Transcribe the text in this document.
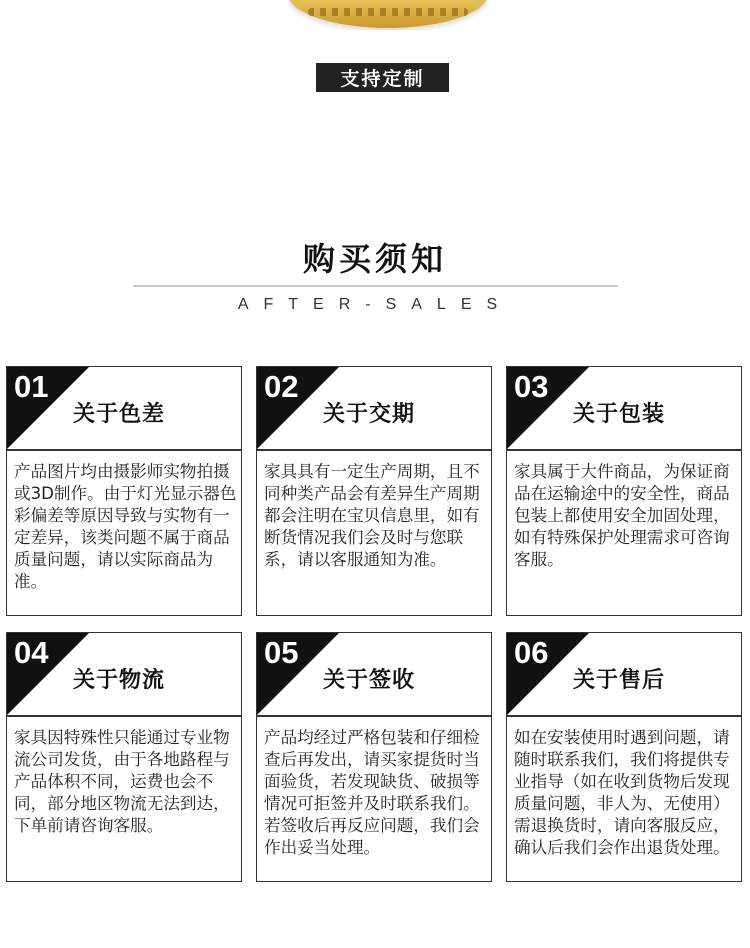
支持定制
购买须知
AFTER-SALES
01
关于色差
产品图片均由摄影师实物拍摄或3D制作。由于灯光显示器色彩偏差等原因导致与实物有一定差异，该类问题不属于商品质量问题，请以实际商品为准。
02
关于交期
家具具有一定生产周期，且不同种类产品会有差异生产周期都会注明在宝贝信息里，如有断货情况我们会及时与您联系，请以客服通知为准。
03
关于包装
家具属于大件商品，为保证商品在运输途中的安全性，商品包装上都使用安全加固处理，如有特殊保护处理需求可咨询客服。
04
关于物流
家具因特殊性只能通过专业物流公司发货，由于各地路程与产品体积不同，运费也会不同，部分地区物流无法到达，下单前请咨询客服。
05
关于签收
产品均经过严格包装和仔细检查后再发出，请买家提货时当面验货，若发现缺货、破损等情况可拒签并及时联系我们。若签收后再反应问题，我们会作出妥当处理。
06
关于售后
如在安装使用时遇到问题，请随时联系我们，我们将提供专业指导（如在收到货物后发现质量问题，非人为、无使用）需退换货时，请向客服反应，确认后我们会作出退货处理。
